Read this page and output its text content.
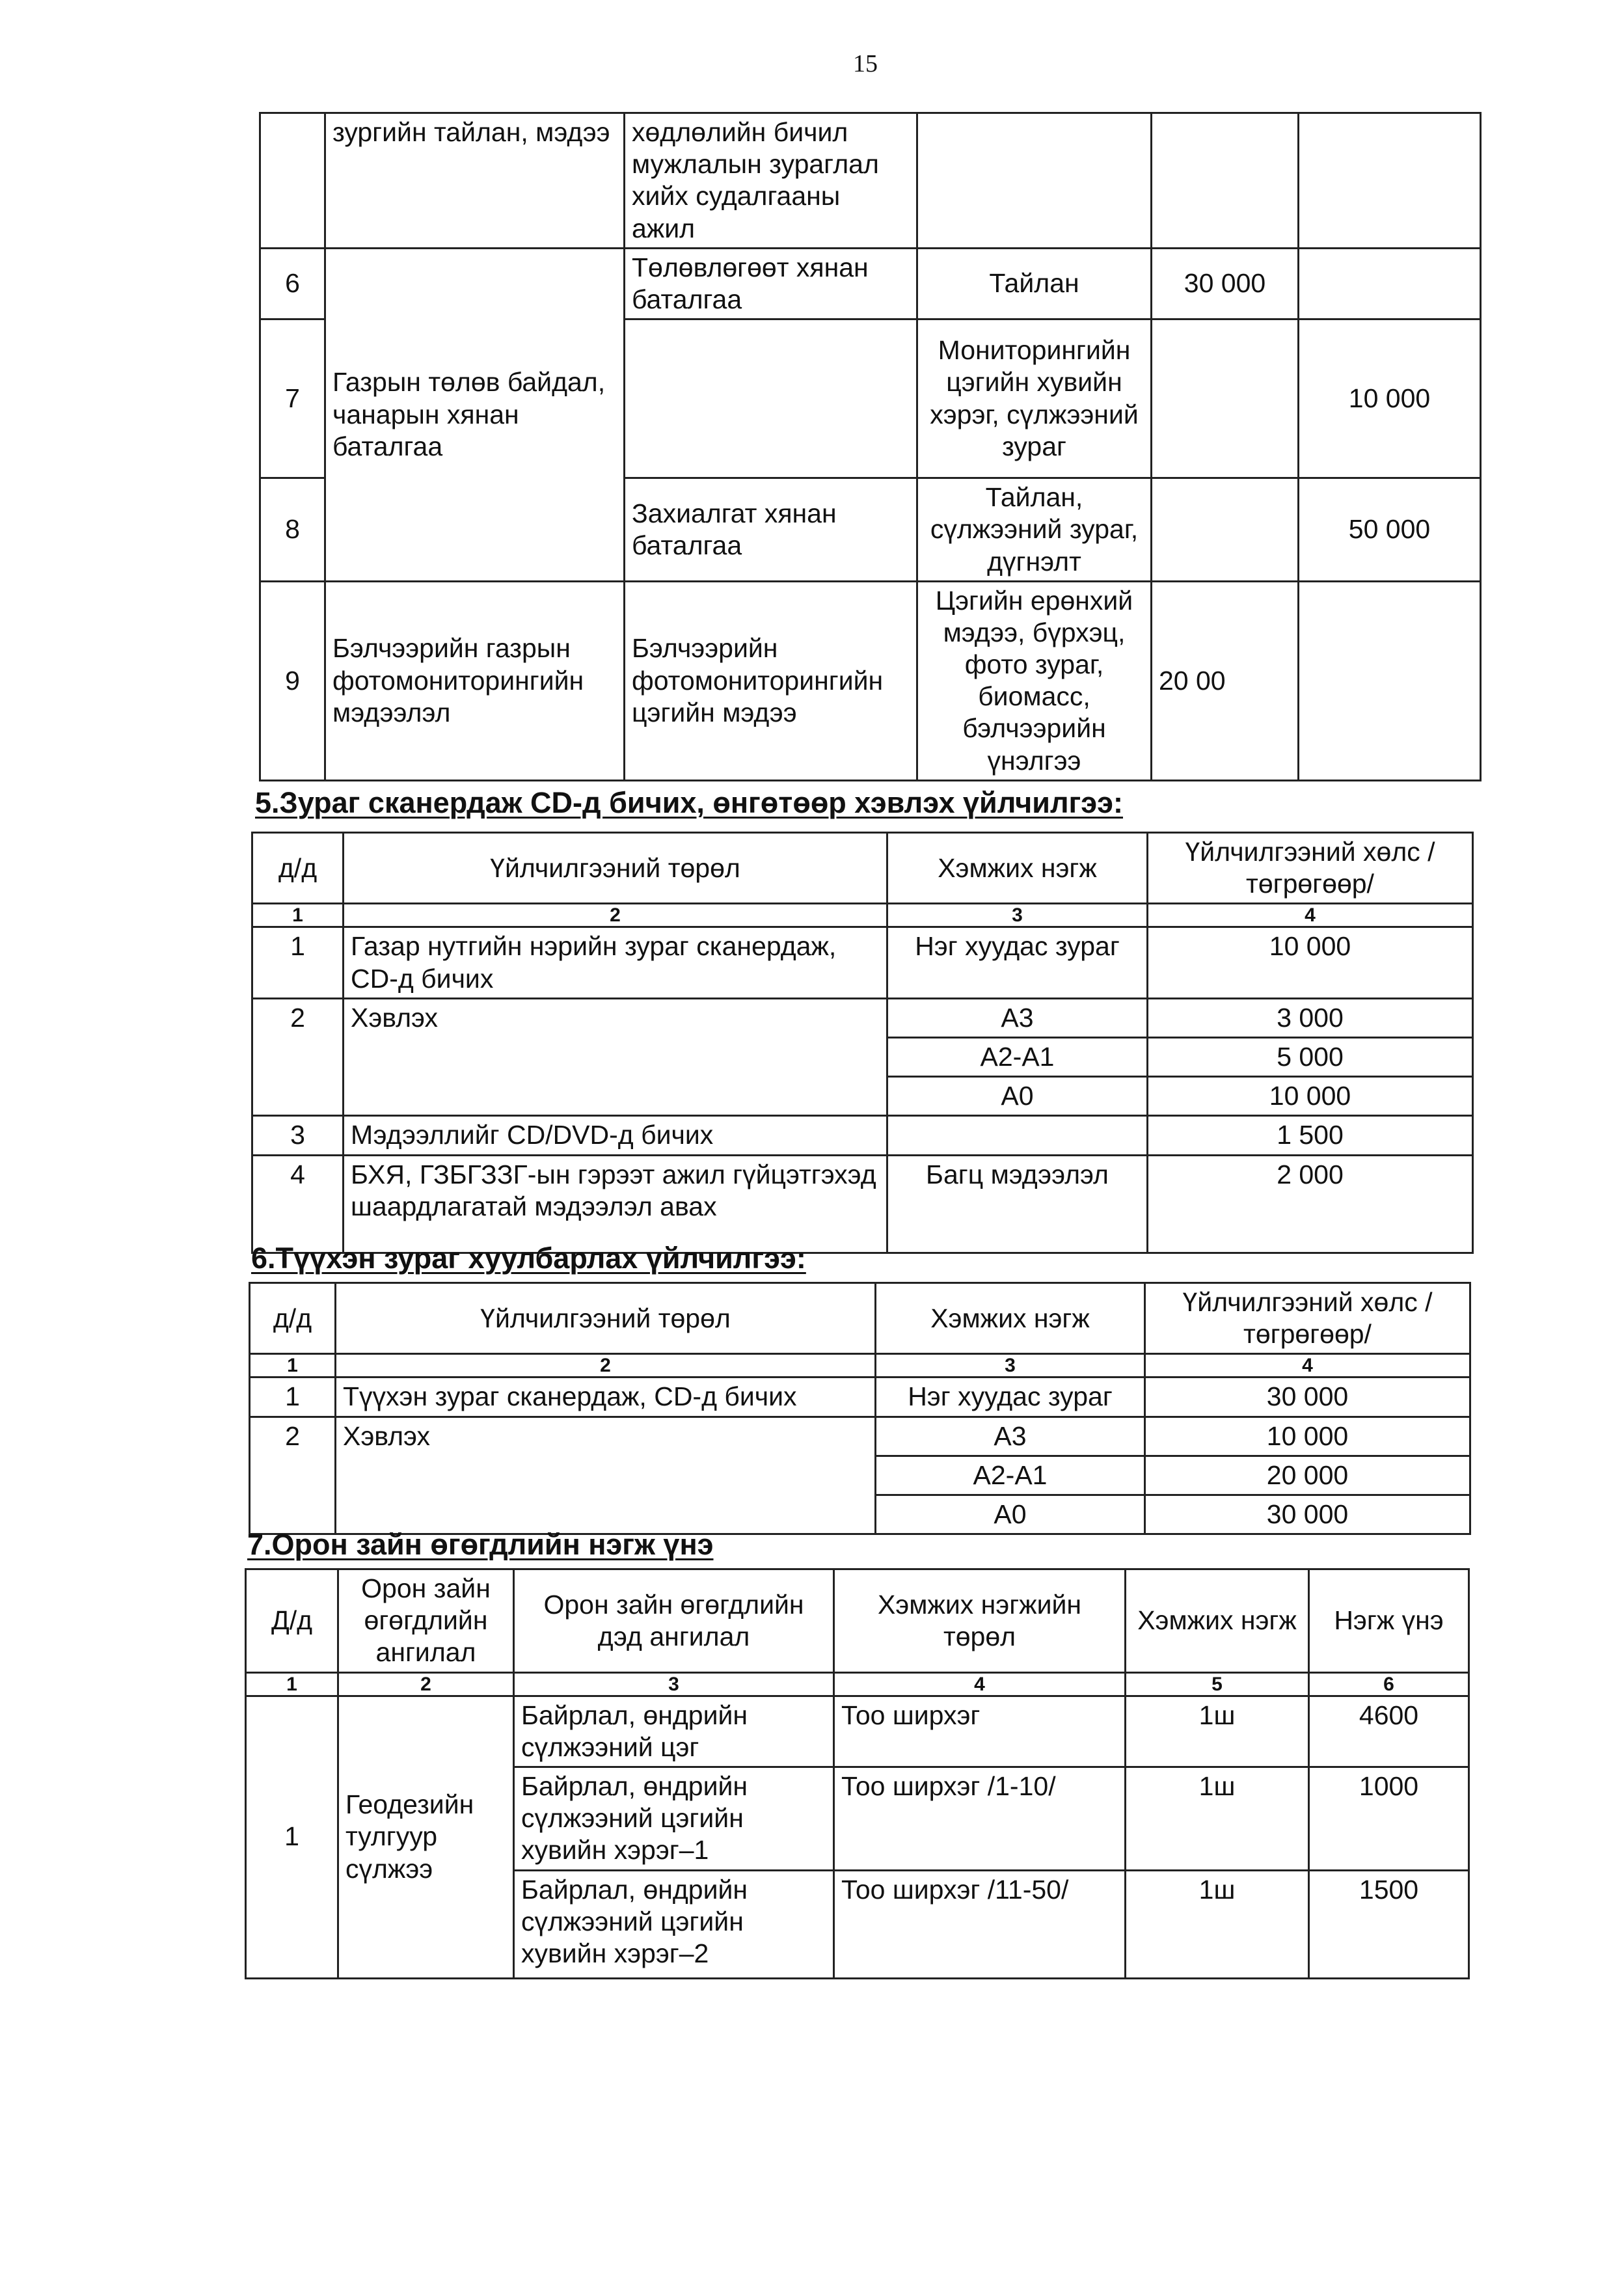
15
	зургийн тайлан, мэдээ	хөдлөлийн бичил мужлалын зураглал хийх судалгааны ажил			
6	Газрын төлөв байдал, чанарын хянан баталгаа	Төлөвлөгөөт хянан баталгаа	Тайлан	30 000	
7			Мониторингийн цэгийн хувийн хэрэг, сүлжээний зураг		10 000
8		Захиалгат хянан баталгаа	Тайлан, сүлжээний зураг, дүгнэлт		50 000
9	Бэлчээрийн газрын фотомониторингийн мэдээлэл	Бэлчээрийн фотомониторингийн цэгийн мэдээ	Цэгийн ерөнхий мэдээ, бүрхэц, фото зураг, биомасс, бэлчээрийн үнэлгээ	20 00	
5.Зураг сканердаж CD-д бичих, өнгөтөөр хэвлэх үйлчилгээ:
д/д	Үйлчилгээний төрөл	Хэмжих нэгж	Үйлчилгээний хөлс /төгрөгөөр/
1	2	3	4
1	Газар нутгийн нэрийн зураг сканердаж, CD-д бичих	Нэг хуудас зураг	10 000
2	Хэвлэх	А3	3 000
		А2-А1	5 000
		А0	10 000
3	Мэдээллийг CD/DVD-д бичих		1 500
4	БХЯ, ГЗБГЗЗГ-ын гэрээт ажил гүйцэтгэхэд шаардлагатай мэдээлэл авах	Багц мэдээлэл	2 000
6.Түүхэн зураг хуулбарлах үйлчилгээ:
д/д	Үйлчилгээний төрөл	Хэмжих нэгж	Үйлчилгээний хөлс /төгрөгөөр/
1	2	3	4
1	Түүхэн зураг сканердаж, CD-д бичих	Нэг хуудас зураг	30 000
2	Хэвлэх	А3	10 000
		А2-А1	20 000
		А0	30 000
7.Орон зайн өгөгдлийн нэгж үнэ
Д/д	Орон зайн өгөгдлийн ангилал	Орон зайн өгөгдлийн дэд ангилал	Хэмжих нэгжийн төрөл	Хэмжих нэгж	Нэгж үнэ
1	2	3	4	5	6
1	Геодезийн тулгуур сүлжээ	Байрлал, өндрийн сүлжээний цэг	Тоо ширхэг	1ш	4600
		Байрлал, өндрийн сүлжээний цэгийн хувийн хэрэг–1	Тоо ширхэг /1-10/	1ш	1000
		Байрлал, өндрийн сүлжээний цэгийн хувийн хэрэг–2	Тоо ширхэг /11-50/	1ш	1500
